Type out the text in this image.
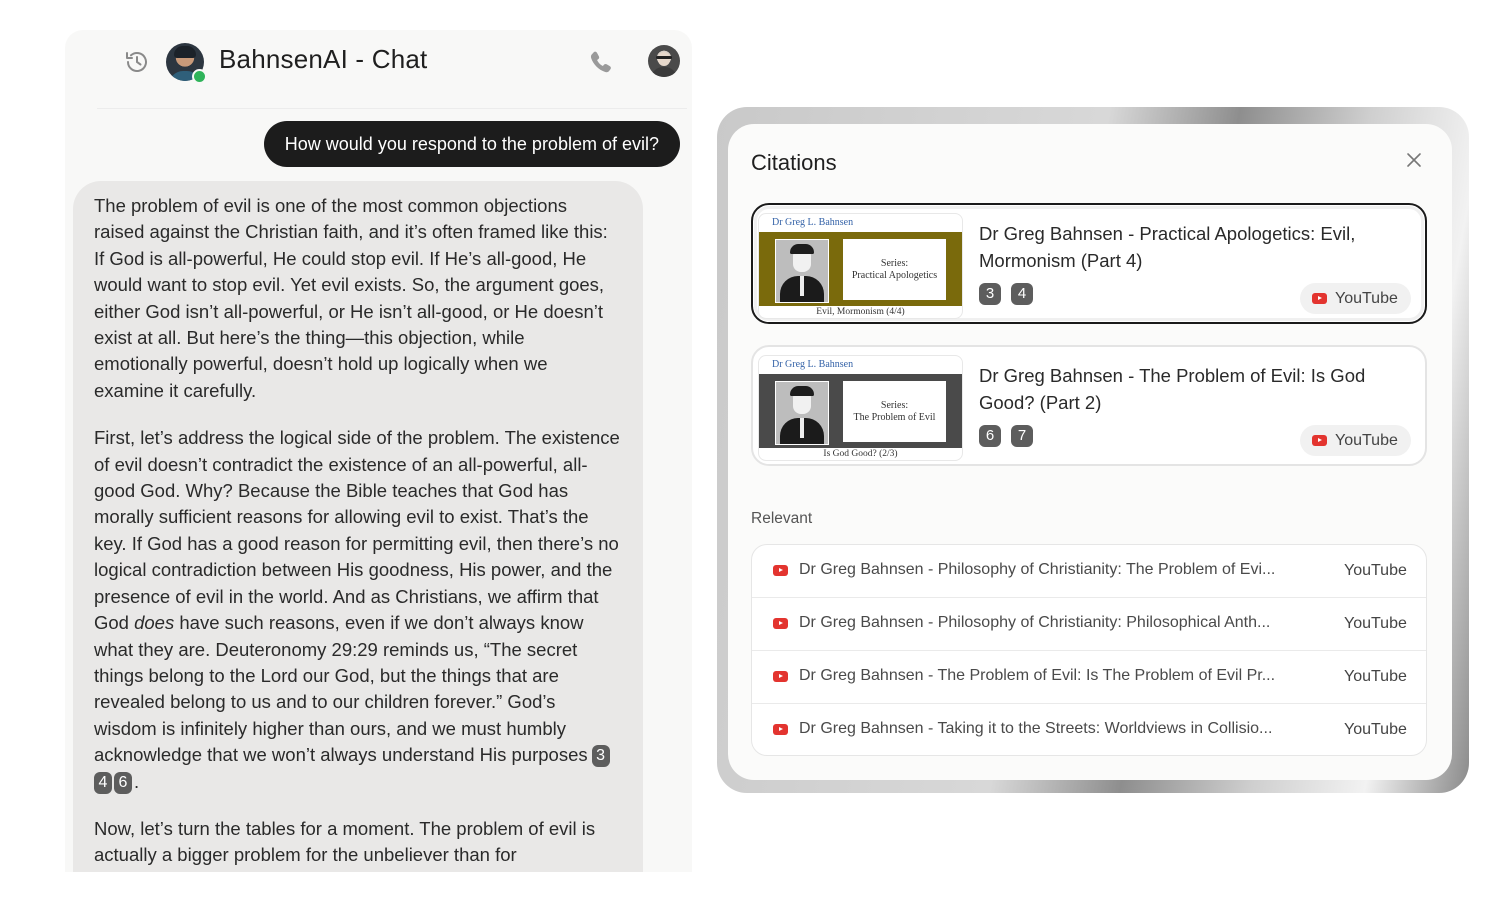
BahnsenAI - Chat
How would you respond to the problem of evil?

The problem of evil is one of the most common objections raised against the Christian faith, and it’s often framed like this: If God is all-powerful, He could stop evil. If He’s all-good, He would want to stop evil. Yet evil exists. So, the argument goes, either God isn’t all-powerful, or He isn’t all-good, or He doesn’t exist at all. But here’s the thing—this objection, while emotionally powerful, doesn’t hold up logically when we examine it carefully.

First, let’s address the logical side of the problem. The existence of evil doesn’t contradict the existence of an all-powerful, all-good God. Why? Because the Bible teaches that God has morally sufficient reasons for allowing evil to exist. That’s the key. If God has a good reason for permitting evil, then there’s no logical contradiction between His goodness, His power, and the presence of evil in the world. And as Christians, we affirm that God does have such reasons, even if we don’t always know what they are. Deuteronomy 29:29 reminds us, “The secret things belong to the Lord our God, but the things that are revealed belong to us and to our children forever.” God’s wisdom is infinitely higher than ours, and we must humbly acknowledge that we won’t always understand His purposes 34 6 .

Now, let’s turn the tables for a moment. The problem of evil is actually a bigger problem for the unbeliever than for

Citations
Dr Greg L. Bahnsen
Series:
Practical Apologetics
Evil, Mormonism (4/4)
Dr Greg Bahnsen - Practical Apologetics: Evil, Mormonism (Part 4)
3	4	YouTube
Dr Greg L. Bahnsen
Series:
The Problem of Evil
Is God Good? (2/3)
Dr Greg Bahnsen - The Problem of Evil: Is God Good? (Part 2)
6	7	YouTube
Relevant
Dr Greg Bahnsen - Philosophy of Christianity: The Problem of Evi...	YouTube
Dr Greg Bahnsen - Philosophy of Christianity: Philosophical Anth...	YouTube
Dr Greg Bahnsen - The Problem of Evil: Is The Problem of Evil Pr...	YouTube
Dr Greg Bahnsen - Taking it to the Streets: Worldviews in Collisio...	YouTube
